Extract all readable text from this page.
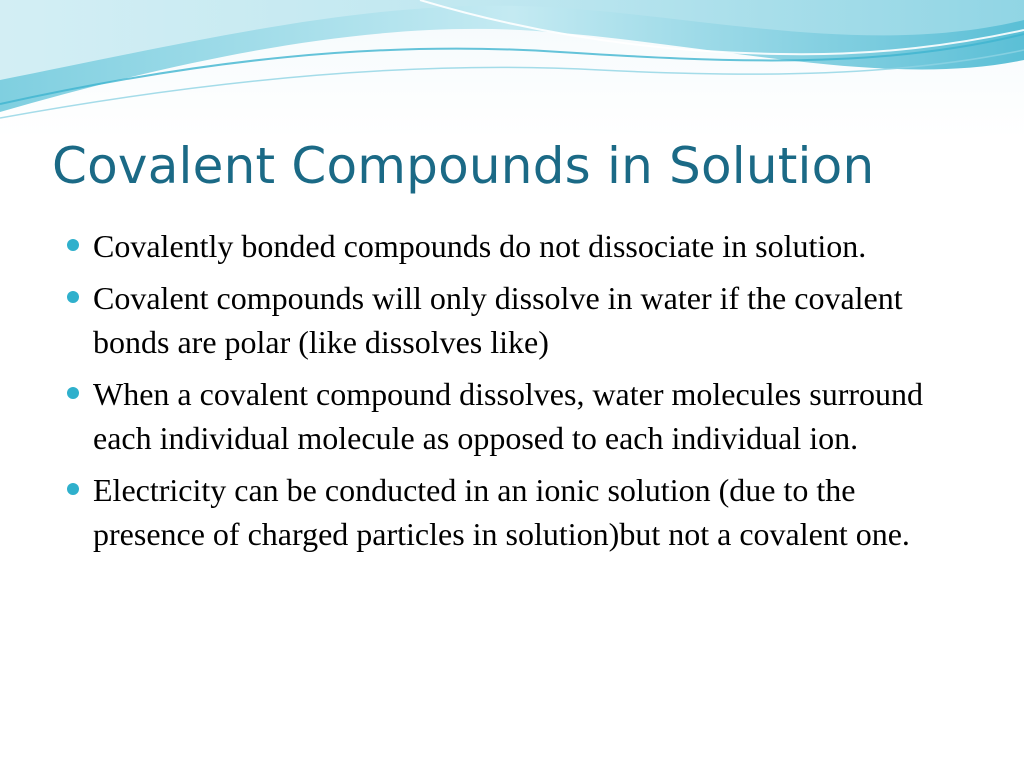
Covalent Compounds in Solution
Covalently bonded compounds do not dissociate in solution.
Covalent compounds will only dissolve in water if the covalent bonds are polar (like dissolves like)
When a covalent compound dissolves, water molecules surround each individual molecule as opposed to each individual ion.
Electricity can be conducted in an ionic solution (due to the presence of charged particles in solution)but not a covalent one.
